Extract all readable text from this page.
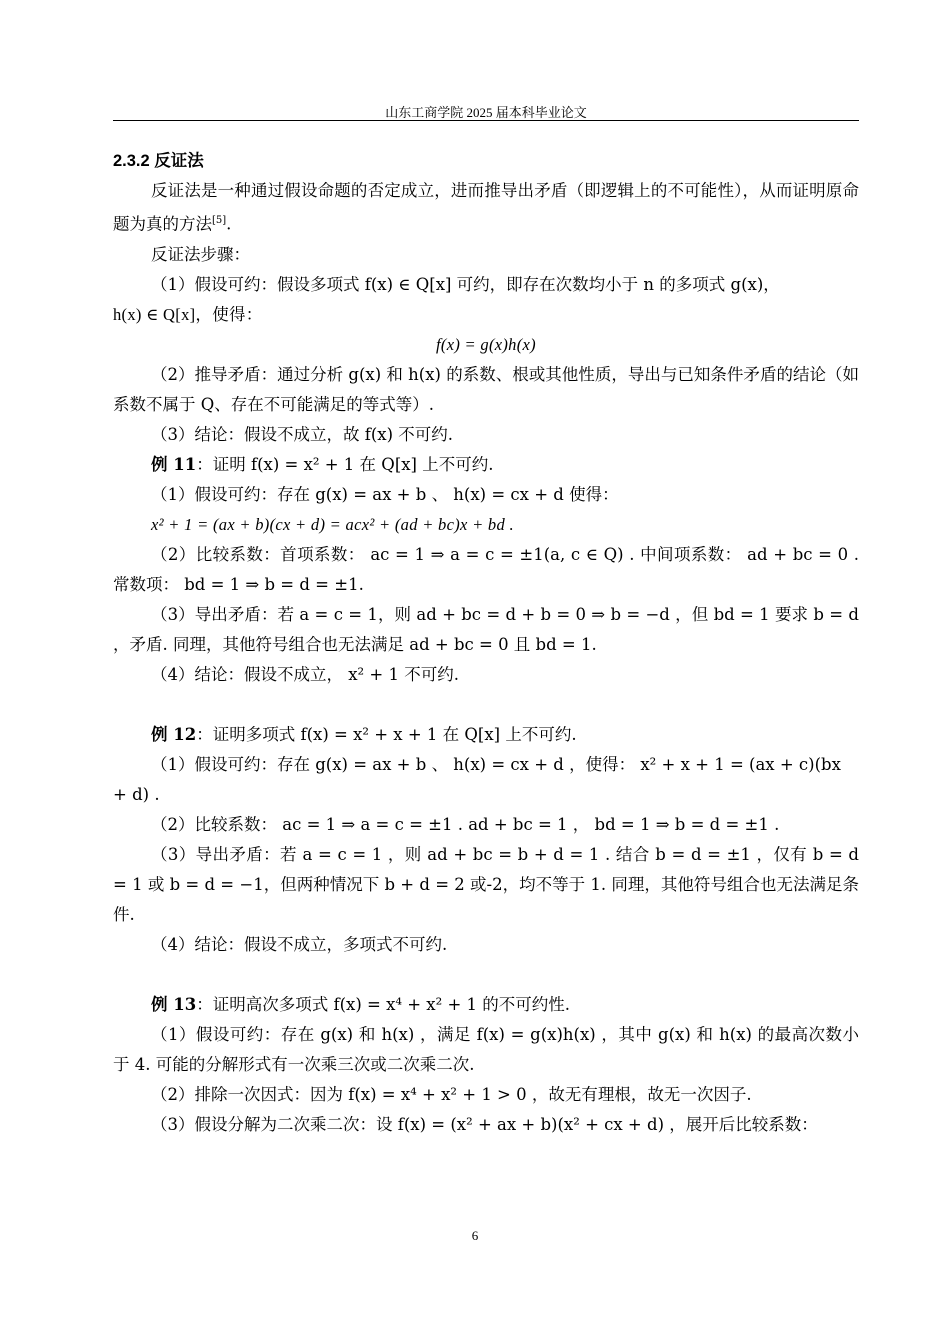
山东工商学院 2025 届本科毕业论文

2.3.2 反证法

反证法是一种通过假设命题的否定成立，进而推导出矛盾（即逻辑上的不可能性），从而证明原命题为真的方法[5].

反证法步骤：

（1）假设可约：假设多项式 f(x) ∈ Q[x] 可约，即存在次数均小于 n 的多项式 g(x)，

h(x) ∈ Q[x]，使得：

f(x) = g(x)h(x)

（2）推导矛盾：通过分析 g(x) 和 h(x) 的系数、根或其他性质，导出与已知条件矛盾的结论（如系数不属于 Q、存在不可能满足的等式等）.

（3）结论：假设不成立，故 f(x) 不可约.

例 11：证明 f(x) = x² + 1 在 Q[x] 上不可约.

（1）假设可约：存在 g(x) = ax + b 、 h(x) = cx + d 使得：

x² + 1 = (ax + b)(cx + d) = acx² + (ad + bc)x + bd .

（2）比较系数：首项系数： ac = 1 ⇒ a = c = ±1(a, c ∈ Q) . 中间项系数： ad + bc = 0 . 常数项： bd = 1 ⇒ b = d = ±1.

（3）导出矛盾：若 a = c = 1，则 ad + bc = d + b = 0 ⇒ b = −d ，但 bd = 1 要求 b = d ，矛盾. 同理，其他符号组合也无法满足 ad + bc = 0 且 bd = 1.

（4）结论：假设不成立， x² + 1 不可约.

例 12：证明多项式 f(x) = x² + x + 1 在 Q[x] 上不可约.

（1）假设可约：存在 g(x) = ax + b 、 h(x) = cx + d ，使得： x² + x + 1 = (ax + c)(bx + d) .

（2）比较系数： ac = 1 ⇒ a = c = ±1 . ad + bc = 1 ， bd = 1 ⇒ b = d = ±1 .

（3）导出矛盾：若 a = c = 1 ，则 ad + bc = b + d = 1 . 结合 b = d = ±1 ，仅有 b = d = 1 或 b = d = −1，但两种情况下 b + d = 2 或-2，均不等于 1. 同理，其他符号组合也无法满足条件.

（4）结论：假设不成立，多项式不可约.

例 13：证明高次多项式 f(x) = x⁴ + x² + 1 的不可约性.

（1）假设可约：存在 g(x) 和 h(x) ，满足 f(x) = g(x)h(x) ，其中 g(x) 和 h(x) 的最高次数小于 4. 可能的分解形式有一次乘三次或二次乘二次.

（2）排除一次因式：因为 f(x) = x⁴ + x² + 1 > 0 ，故无有理根，故无一次因子.

（3）假设分解为二次乘二次：设 f(x) = (x² + ax + b)(x² + cx + d) ，展开后比较系数：

6
